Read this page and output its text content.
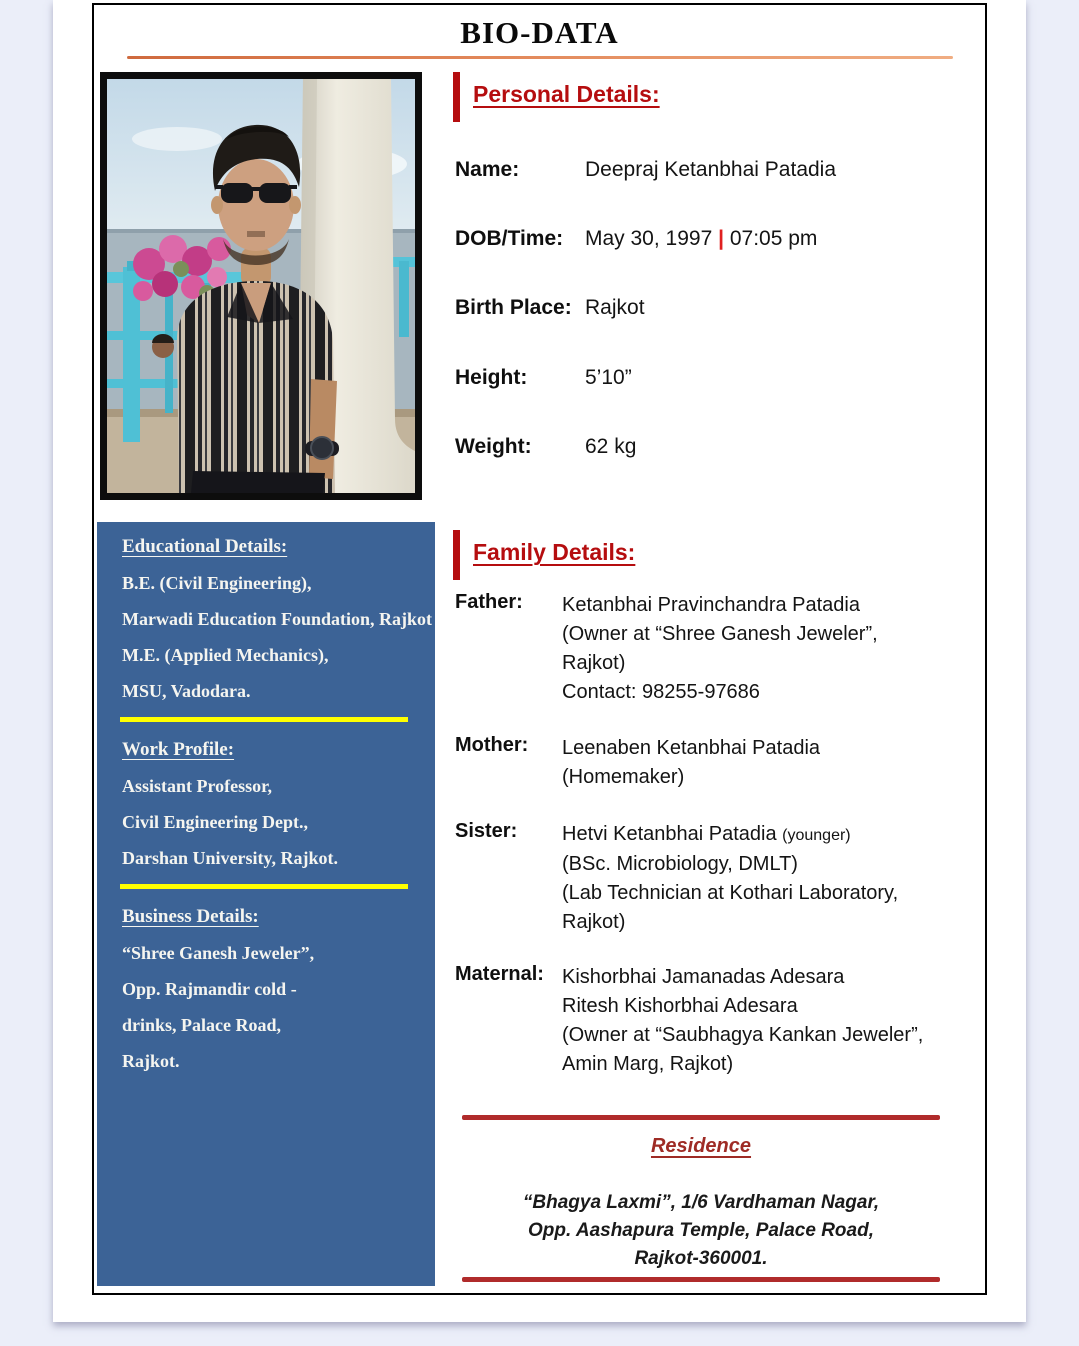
BIO-DATA
Personal Details:
Name:	Deepraj Ketanbhai Patadia
DOB/Time: May 30, 1997 | 07:05 pm
Birth Place: Rajkot
Height:	5’10”
Weight:	62 kg
Educational Details:
B.E. (Civil Engineering),
Marwadi Education Foundation, Rajkot
M.E. (Applied Mechanics),
MSU, Vadodara.
Work Profile:
Assistant Professor,
Civil Engineering Dept.,
Darshan University, Rajkot.
Business Details:
“Shree Ganesh Jeweler”,
Opp. Rajmandir cold -
drinks, Palace Road,
Rajkot.
Family Details:
Father:	Ketanbhai Pravinchandra Patadia
(Owner at “Shree Ganesh Jeweler”,
Rajkot)
Contact: 98255-97686
Mother:	Leenaben Ketanbhai Patadia
(Homemaker)
Sister:	Hetvi Ketanbhai Patadia (younger)
(BSc. Microbiology, DMLT)
(Lab Technician at Kothari Laboratory,
Rajkot)
Maternal: Kishorbhai Jamanadas Adesara
Ritesh Kishorbhai Adesara
(Owner at “Saubhagya Kankan Jeweler”,
Amin Marg, Rajkot)
Residence
“Bhagya Laxmi”, 1/6 Vardhaman Nagar,
Opp. Aashapura Temple, Palace Road,
Rajkot-360001.
